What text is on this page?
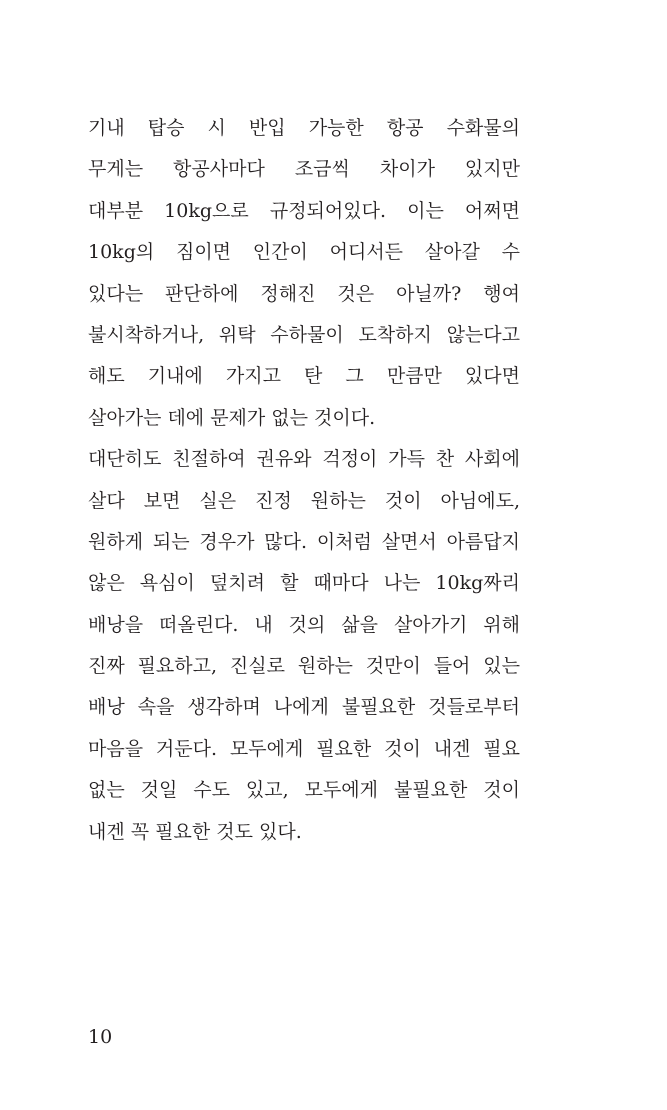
기내 탑승 시 반입 가능한 항공 수화물의
무게는 항공사마다 조금씩 차이가 있지만
대부분 10kg으로 규정되어있다. 이는 어쩌면
10kg의 짐이면 인간이 어디서든 살아갈 수
있다는 판단하에 정해진 것은 아닐까? 행여
불시착하거나, 위탁 수하물이 도착하지 않는다고
해도 기내에 가지고 탄 그 만큼만 있다면
살아가는 데에 문제가 없는 것이다.
대단히도 친절하여 권유와 걱정이 가득 찬 사회에
살다 보면 실은 진정 원하는 것이 아님에도,
원하게 되는 경우가 많다. 이처럼 살면서 아름답지
않은 욕심이 덮치려 할 때마다 나는 10kg짜리
배낭을 떠올린다. 내 것의 삶을 살아가기 위해
진짜 필요하고, 진실로 원하는 것만이 들어 있는
배낭 속을 생각하며 나에게 불필요한 것들로부터
마음을 거둔다. 모두에게 필요한 것이 내겐 필요
없는 것일 수도 있고, 모두에게 불필요한 것이
내겐 꼭 필요한 것도 있다.
10
